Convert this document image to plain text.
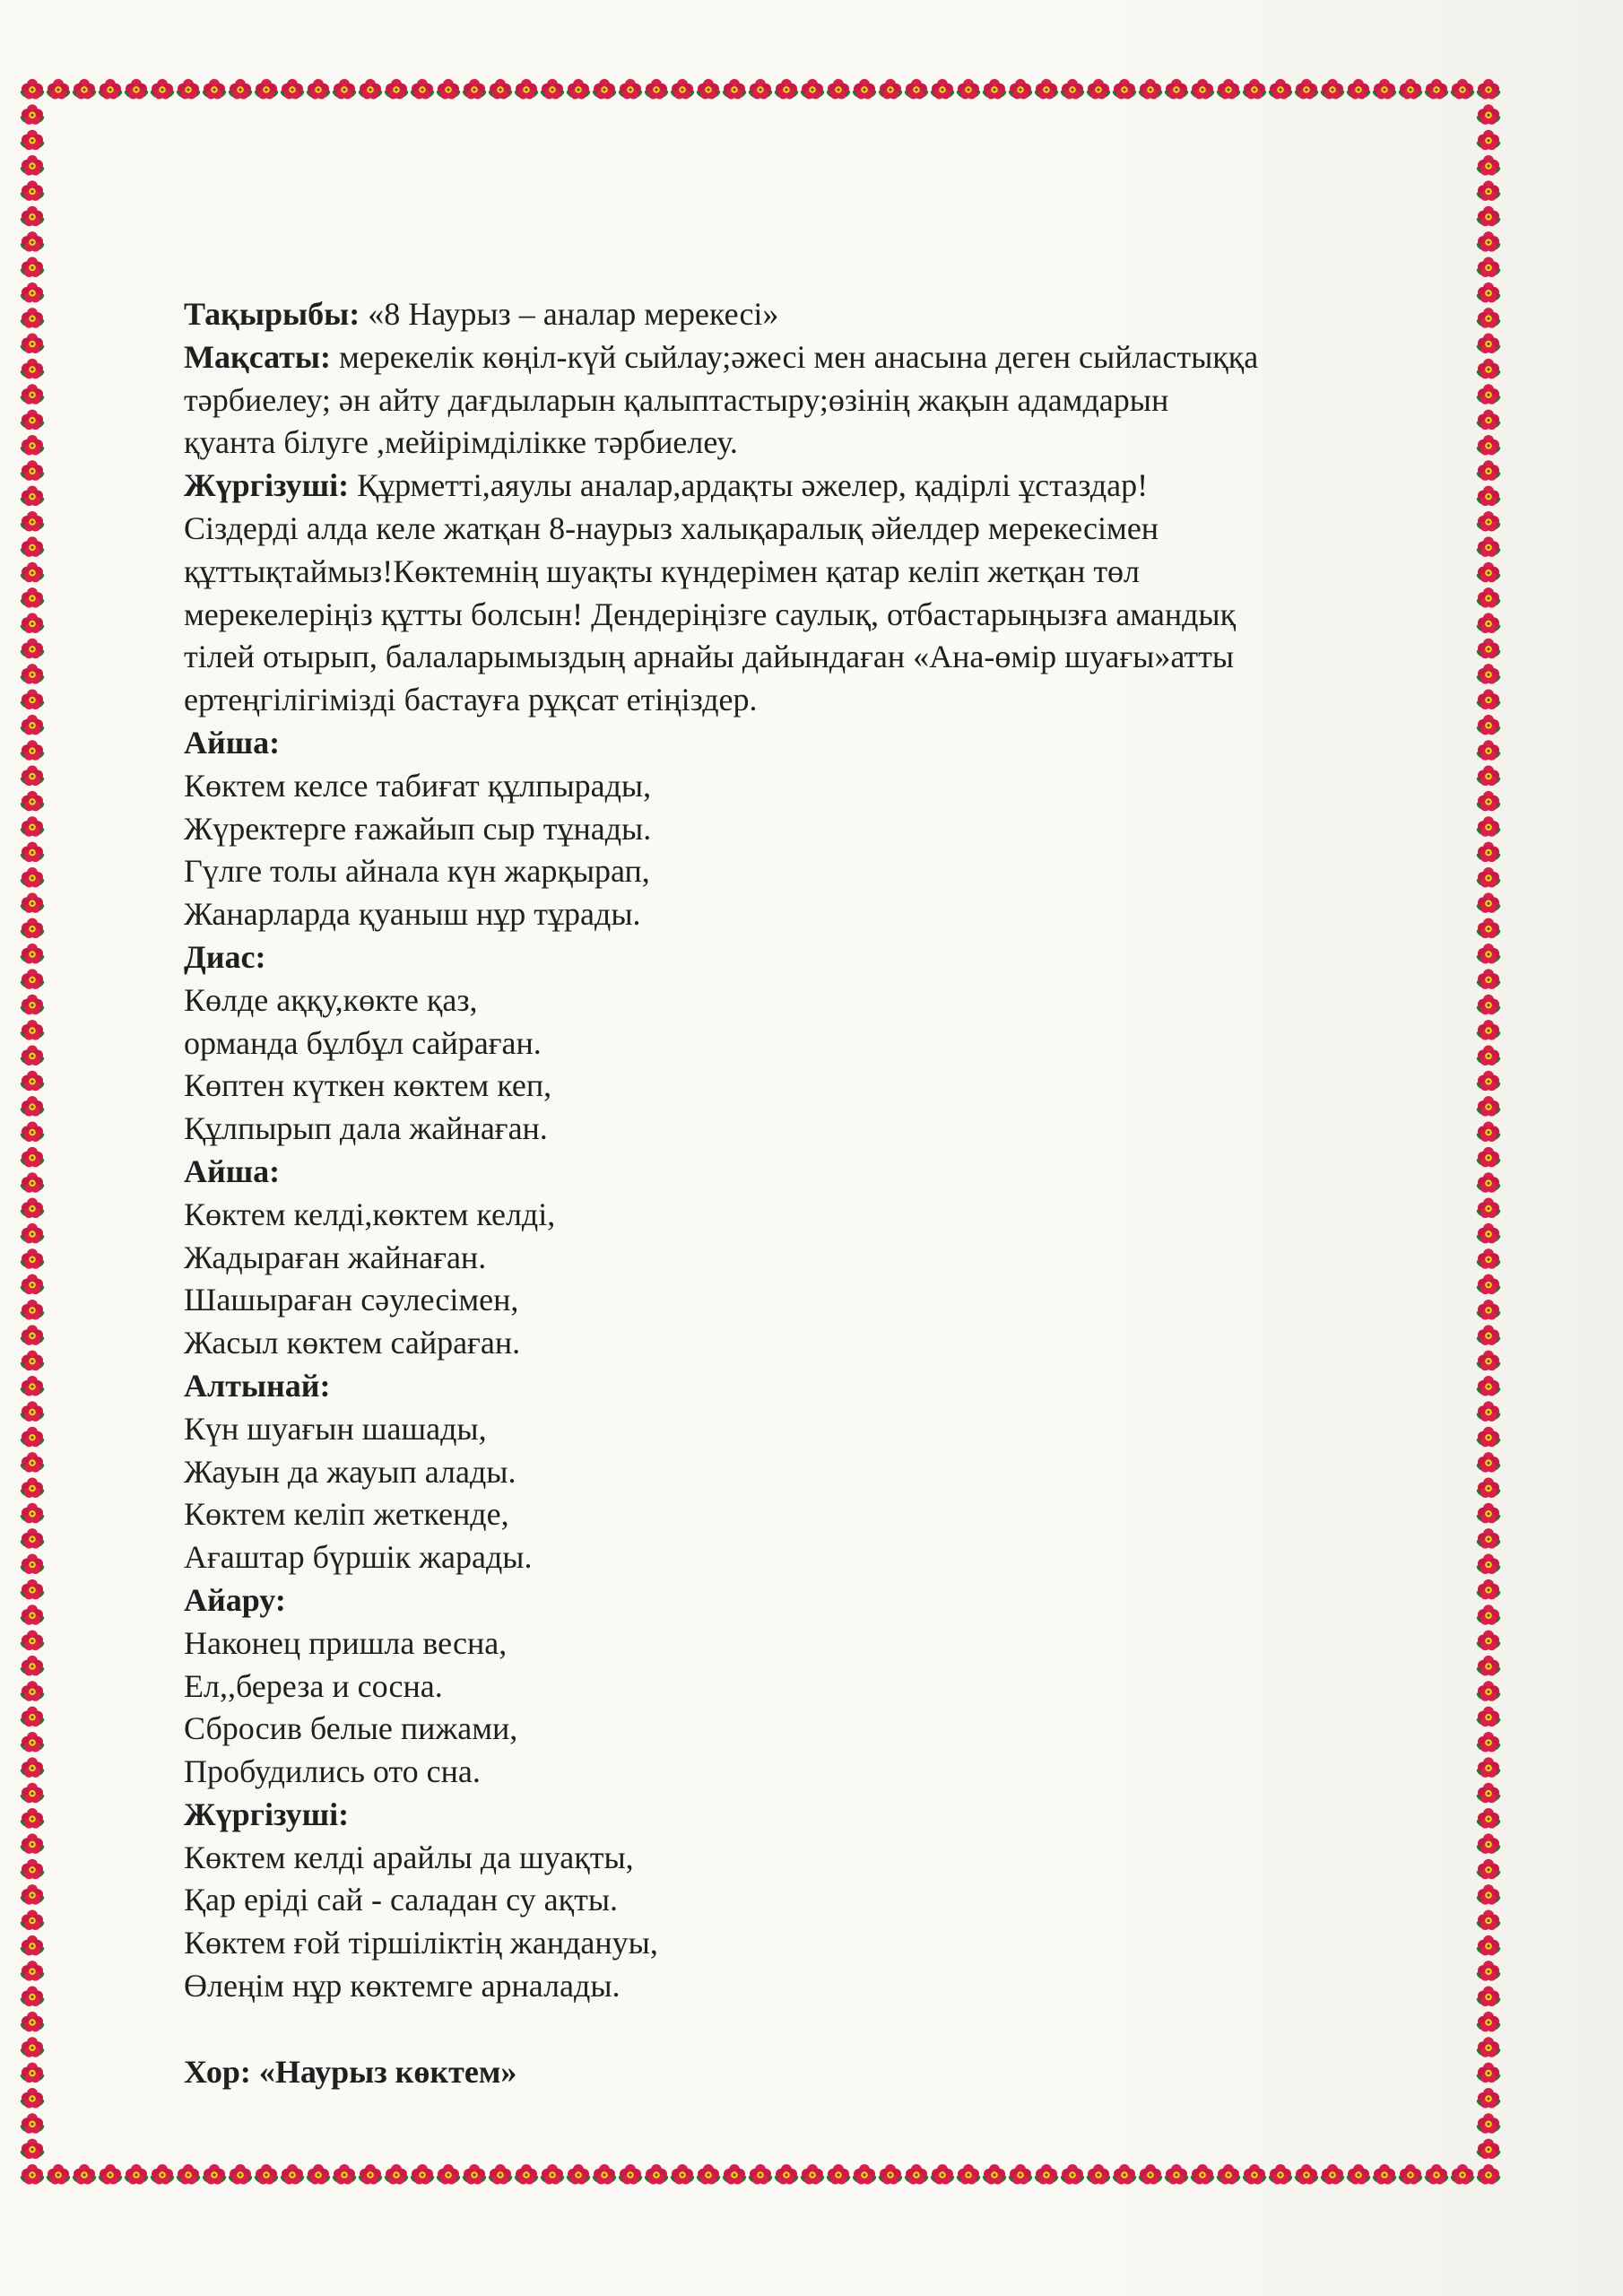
Тақырыбы: «8 Наурыз – аналар мерекесі»
Мақсаты: мерекелік көңіл-күй сыйлау;әжесі мен анасына деген сыйластыққа
тәрбиелеу; ән айту дағдыларын қалыптастыру;өзінің жақын адамдарын
қуанта білуге ,мейірімділікке тәрбиелеу.
Жүргізуші: Құрметті,аяулы аналар,ардақты әжелер, қадірлі ұстаздар!
Сіздерді алда келе жатқан 8-наурыз халықаралық әйелдер мерекесімен
құттықтаймыз!Көктемнің шуақты күндерімен қатар келіп жетқан төл
мерекелеріңіз құтты болсын! Дендеріңізге саулық, отбастарыңызға амандық
тілей отырып, балаларымыздың арнайы дайындаған «Ана-өмір шуағы»атты
ертеңгілігімізді бастауға рұқсат етіңіздер.
Айша:
Көктем келсе табиғат құлпырады,
Жүректерге ғажайып сыр тұнады.
Гүлге толы айнала күн жарқырап,
Жанарларда қуаныш нұр тұрады.
Диас:
Көлде аққу,көкте қаз,
орманда бұлбұл сайраған.
Көптен күткен көктем кеп,
Құлпырып дала жайнаған.
Айша:
Көктем келді,көктем келді,
Жадыраған жайнаған.
Шашыраған сәулесімен,
Жасыл көктем сайраған.
Алтынай:
Күн шуағын шашады,
Жауын да жауып алады.
Көктем келіп жеткенде,
Ағаштар бүршік жарады.
Айару:
Наконец пришла весна,
Ел,,береза и сосна.
Сбросив белые пижами,
Пробудились ото сна.
Жүргізуші:
Көктем келді арайлы да шуақты,
Қар еріді сай - саладан су ақты.
Көктем ғой тіршіліктің жандануы,
Өлеңім нұр көктемге арналады.
Хор: «Наурыз көктем»
